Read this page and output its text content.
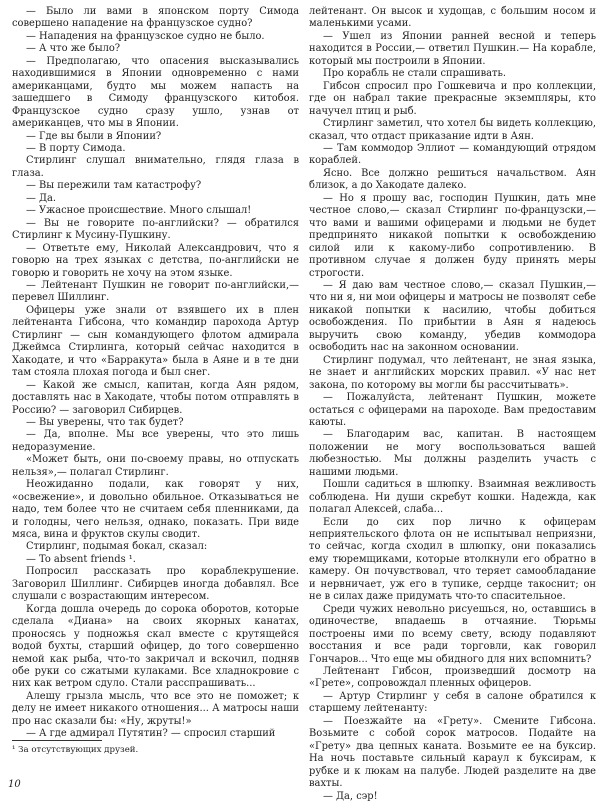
— Было ли вами в японском порту Симода совершено нападение на французское судно?

— Нападения на французское судно не было.

— А что же было?

— Предполагаю, что опасения высказывались находившимися в Японии одновременно с нами американцами, будто мы можем напасть на зашедшего в Симоду французского китобоя. Французское судно сразу ушло, узнав от американцев, что мы в Японии.

— Где вы были в Японии?

— В порту Симода.

Стирлинг слушал внимательно, глядя глаза в глаза.

— Вы пережили там катастрофу?

— Да.

— Ужасное происшествие. Много слышал!

— Вы не говорите по-английски? — обратился Стирлинг к Мусину-Пушкину.

— Ответьте ему, Николай Александрович, что я говорю на трех языках с детства, по-английски не говорю и говорить не хочу на этом языке.

— Лейтенант Пушкин не говорит по-английски,— перевел Шиллинг.

Офицеры уже знали от взявшего их в плен лейтенанта Гибсона, что командир парохода Артур Стирлинг — сын командующего флотом адмирала Джеймса Стирлинга, который сейчас находится в Хакодате, и что «Барракута» была в Аяне и в те дни там стояла плохая погода и был снег.

— Какой же смысл, капитан, когда Аян рядом, доставлять нас в Хакодате, чтобы потом отправлять в Россию? — заговорил Сибирцев.

— Вы уверены, что так будет?

— Да, вполне. Мы все уверены, что это лишь недоразумение.

«Может быть, они по-своему правы, но отпускать нельзя»,— полагал Стирлинг.

Неожиданно подали, как говорят у них, «освежение», и довольно обильное. Отказываться не надо, тем более что не считаем себя пленниками, да и голодны, чего нельзя, однако, показать. При виде мяса, вина и фруктов скулы сводит.

Стирлинг, подымая бокал, сказал:

— To absent friends ¹.

Попросил рассказать про кораблекрушение. Заговорил Шиллинг. Сибирцев иногда добавлял. Все слушали с возрастающим интересом.

Когда дошла очередь до сорока оборотов, которые сделала «Диана» на своих якорных канатах, проносясь у подножья скал вместе с крутящейся водой бухты, старший офицер, до того совершенно немой как рыба, что-то закричал и вскочил, подняв обе руки со сжатыми кулаками. Все хладнокровие с них как ветром сдуло. Стали расспрашивать...

Алешу грызла мысль, что все это не поможет; к делу не имеет никакого отношения... А матросы наши про нас сказали бы: «Ну, жруты!»

— А где адмирал Путятин? — спросил старший

лейтенант. Он высок и худощав, с большим носом и маленькими усами.

— Ушел из Японии ранней весной и теперь находится в России,— ответил Пушкин.— На корабле, который мы построили в Японии.

Про корабль не стали спрашивать.

Гибсон спросил про Гошкевича и про коллекции, где он набрал такие прекрасные экземпляры, кто начучел птиц и рыб.

Стирлинг заметил, что хотел бы видеть коллекцию, сказал, что отдаст приказание идти в Аян.

— Там коммодор Эллиот — командующий отрядом кораблей.

Ясно. Все должно решиться начальством. Аян близок, а до Хакодате далеко.

— Но я прошу вас, господин Пушкин, дать мне честное слово,— сказал Стирлинг по-французски,— что вами и вашими офицерами и людьми не будет предпринято никакой попытки к освобождению силой или к какому-либо сопротивлению. В противном случае я должен буду принять меры строгости.

— Я даю вам честное слово,— сказал Пушкин,— что ни я, ни мои офицеры и матросы не позволят себе никакой попытки к насилию, чтобы добиться освобождения. По прибытии в Аян я надеюсь выручить свою команду, убедив коммодора освободить нас на законном основании.

Стирлинг подумал, что лейтенант, не зная языка, не знает и английских морских правил. «У нас нет закона, по которому вы могли бы рассчитывать».

— Пожалуйста, лейтенант Пушкин, можете остаться с офицерами на пароходе. Вам предоставим каюты.

— Благодарим вас, капитан. В настоящем положении не могу воспользоваться вашей любезностью. Мы должны разделить участь с нашими людьми.

Пошли садиться в шлюпку. Взаимная вежливость соблюдена. Ни души скребут кошки. Надежда, как полагал Алексей, слаба...

Если до сих пор лично к офицерам неприятельского флота он не испытывал неприязни, то сейчас, когда сходил в шлюпку, они показались ему тюремщиками, которые втолкнули его обратно в камеру. Он почувствовал, что теряет самообладание и нервничает, уж его в тупике, сердце такоснит; он не в силах даже придумать что-то спасительное.

Среди чужих невольно рисуешься, но, оставшись в одиночестве, впадаешь в отчаяние. Тюрьмы построены ими по всему свету, всюду подавляют восстания и все ради торговли, как говорил Гончаров... Что еще мы обидного для них вспомнить?

Лейтенант Гибсон, произведший досмотр на «Грете», сопровождал пленных офицеров.

— Артур Стирлинг у себя в салоне обратился к старшему лейтенанту:

— Поезжайте на «Грету». Смените Гибсона. Возьмите с собой сорок матросов. Подайте на «Грету» два цепных каната. Возьмите ее на буксир. На ночь поставьте сильный караул к буксирам, к рубке и к люкам на палубе. Людей разделите на две вахты.

— Да, сэр!

¹ За отсутствующих друзей.
10
